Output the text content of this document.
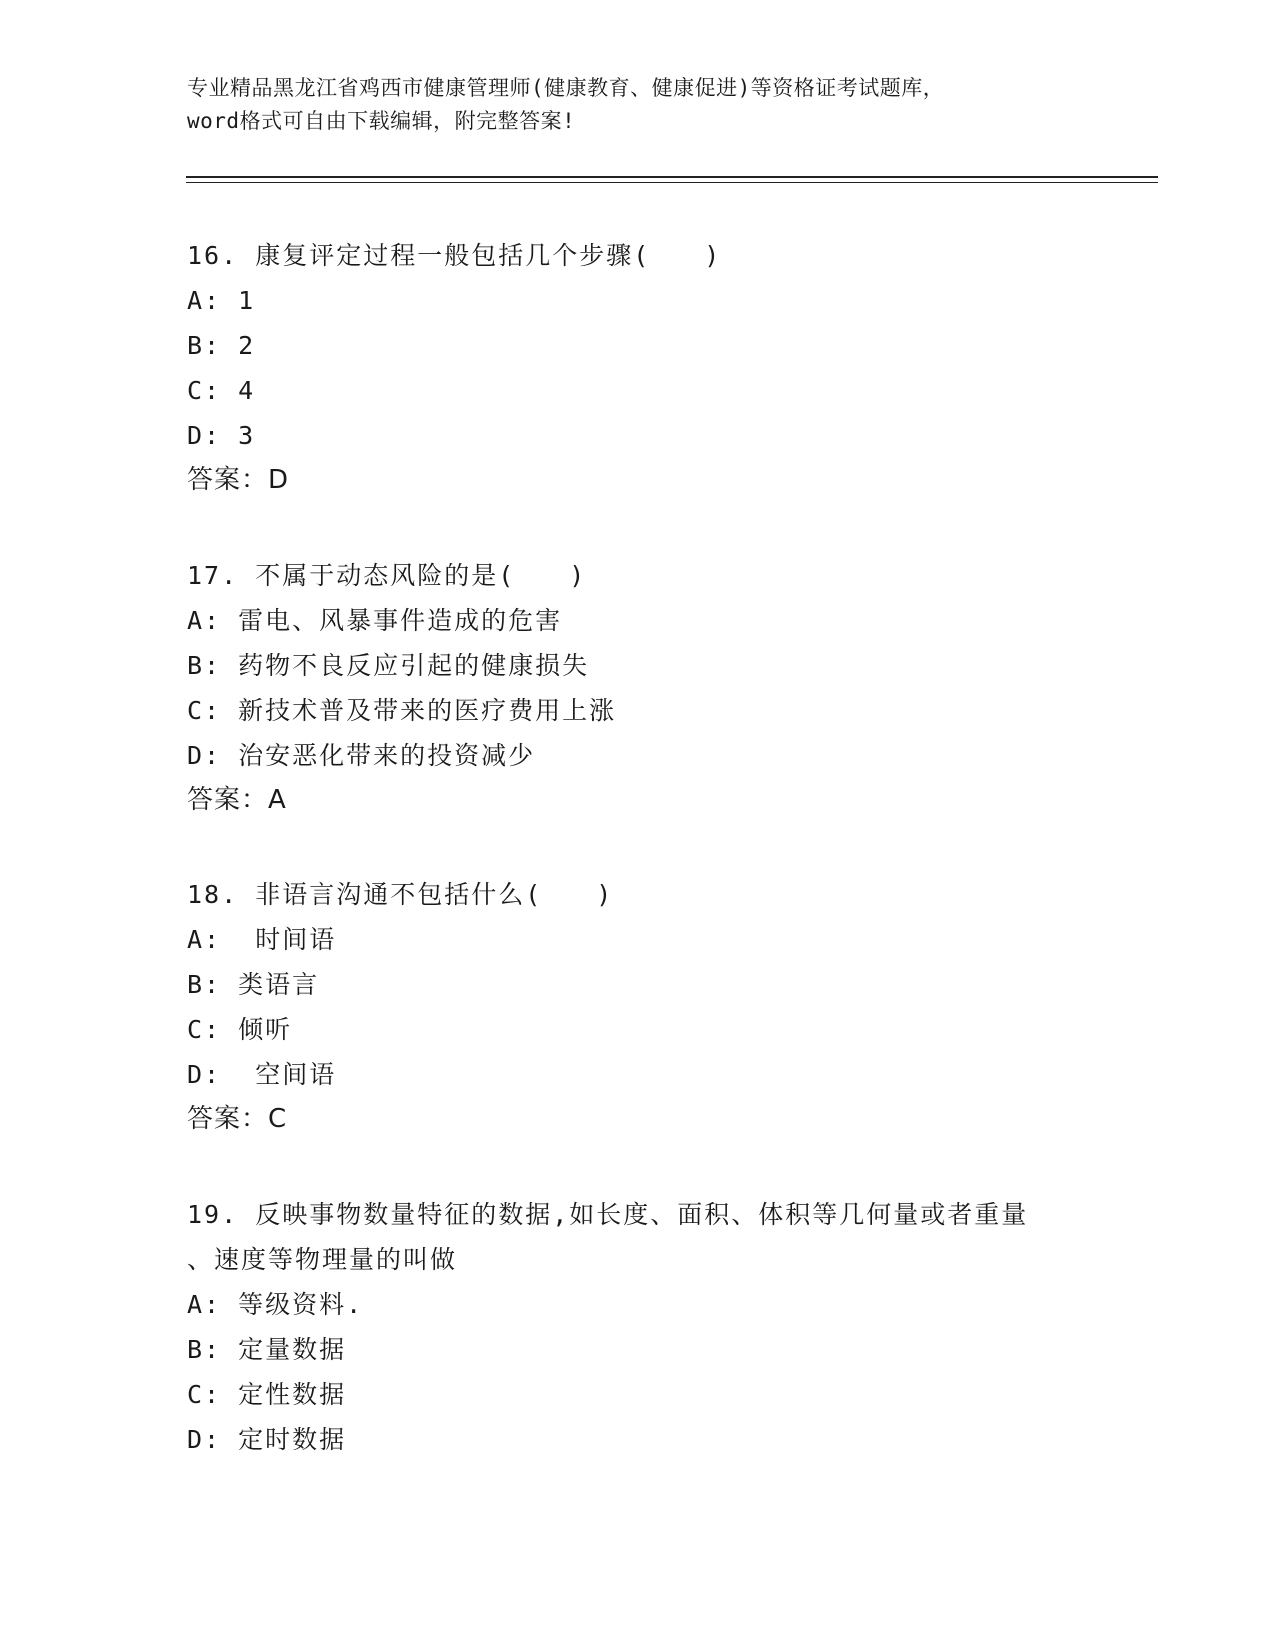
专业精品黑龙江省鸡西市健康管理师(健康教育、健康促进)等资格证考试题库，
word格式可自由下载编辑，附完整答案!
16. 康复评定过程一般包括几个步骤(　　)
A: 1
B: 2
C: 4
D: 3
答案：D
17. 不属于动态风险的是(　　)
A: 雷电、风暴事件造成的危害
B: 药物不良反应引起的健康损失
C: 新技术普及带来的医疗费用上涨
D: 治安恶化带来的投资减少
答案：A
18. 非语言沟通不包括什么(　　)
A:  时间语
B: 类语言
C: 倾听
D:  空间语
答案：C
19. 反映事物数量特征的数据,如长度、面积、体积等几何量或者重量
、速度等物理量的叫做
A: 等级资料.
B: 定量数据
C: 定性数据
D: 定时数据
